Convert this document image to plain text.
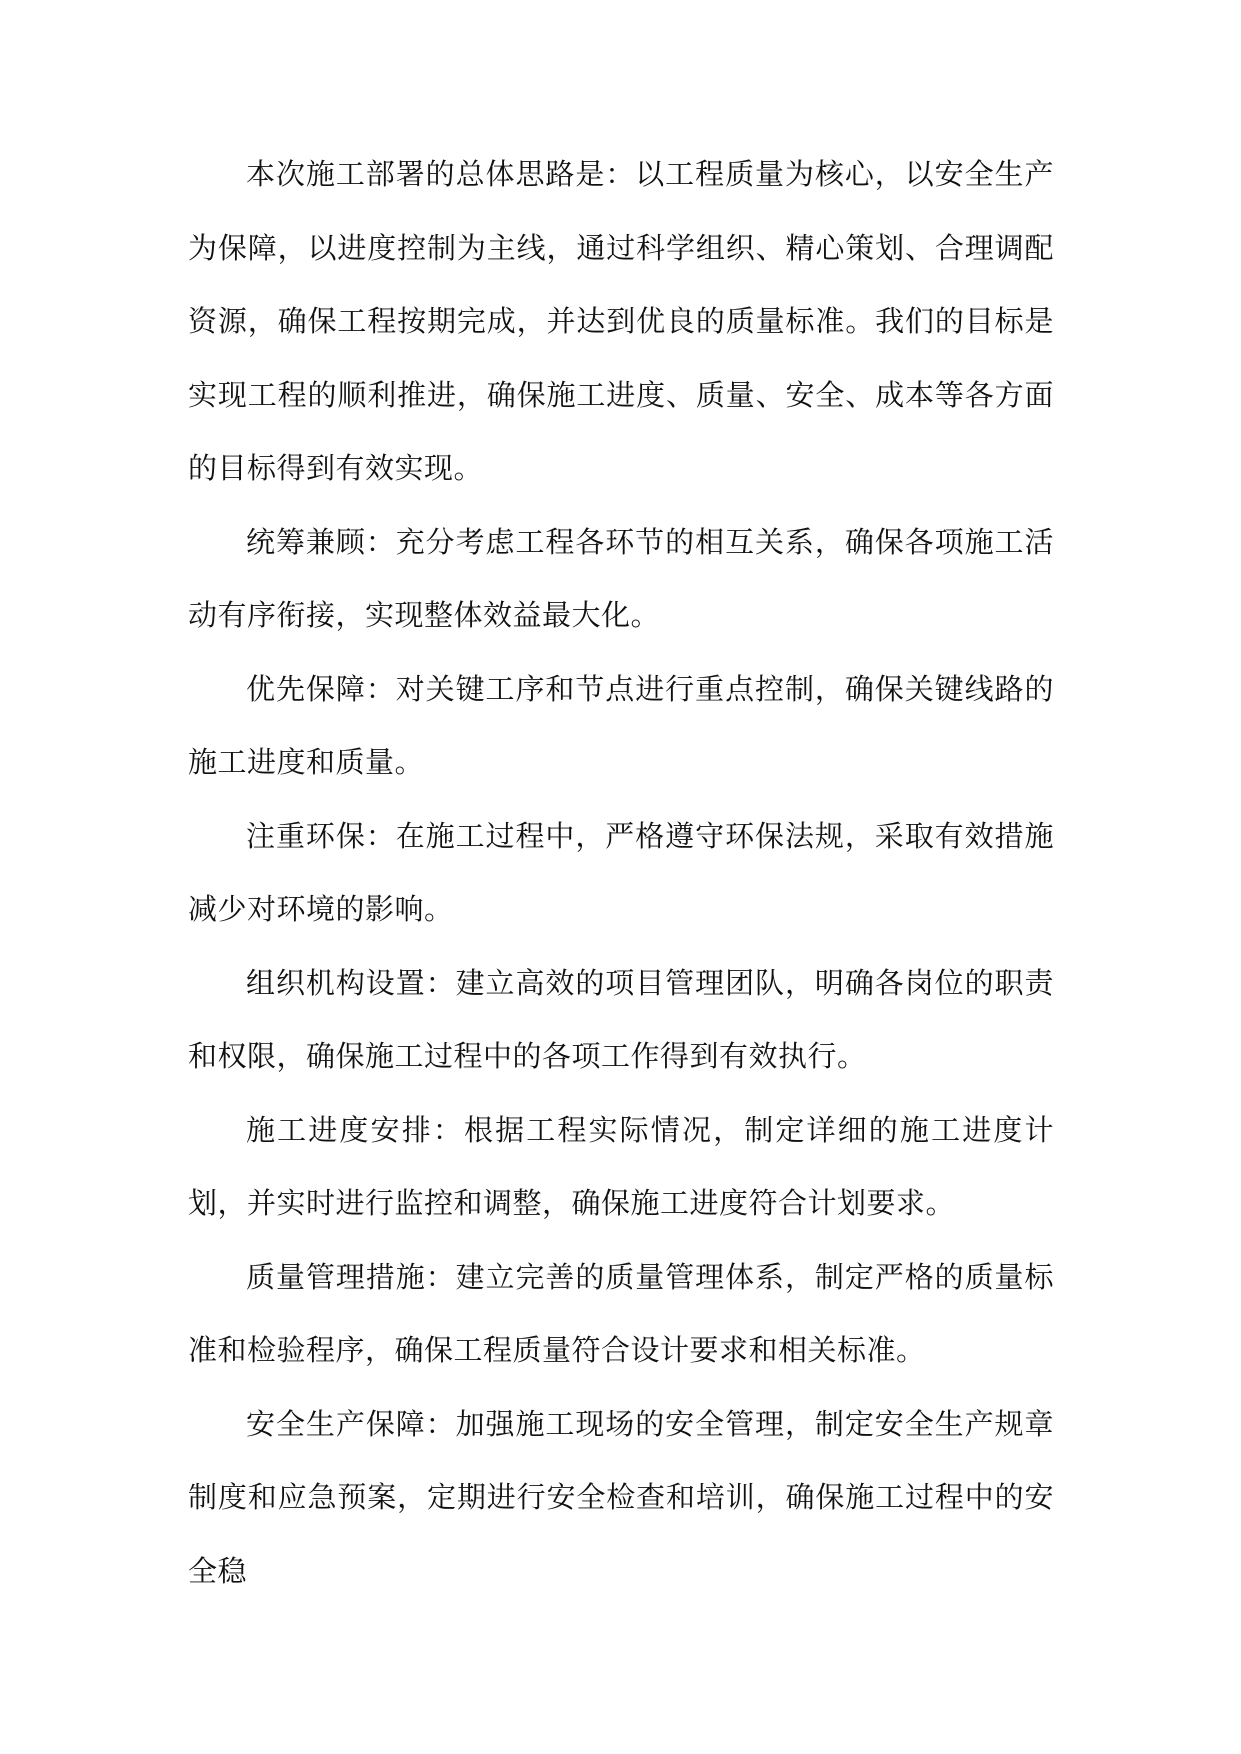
本次施工部署的总体思路是：以工程质量为核心，以安全生产为保障，以进度控制为主线，通过科学组织、精心策划、合理调配资源，确保工程按期完成，并达到优良的质量标准。我们的目标是实现工程的顺利推进，确保施工进度、质量、安全、成本等各方面的目标得到有效实现。

统筹兼顾：充分考虑工程各环节的相互关系，确保各项施工活动有序衔接，实现整体效益最大化。

优先保障：对关键工序和节点进行重点控制，确保关键线路的施工进度和质量。

注重环保：在施工过程中，严格遵守环保法规，采取有效措施减少对环境的影响。

组织机构设置：建立高效的项目管理团队，明确各岗位的职责和权限，确保施工过程中的各项工作得到有效执行。

施工进度安排：根据工程实际情况，制定详细的施工进度计划，并实时进行监控和调整，确保施工进度符合计划要求。

质量管理措施：建立完善的质量管理体系，制定严格的质量标准和检验程序，确保工程质量符合设计要求和相关标准。

安全生产保障：加强施工现场的安全管理，制定安全生产规章制度和应急预案，定期进行安全检查和培训，确保施工过程中的安全稳
